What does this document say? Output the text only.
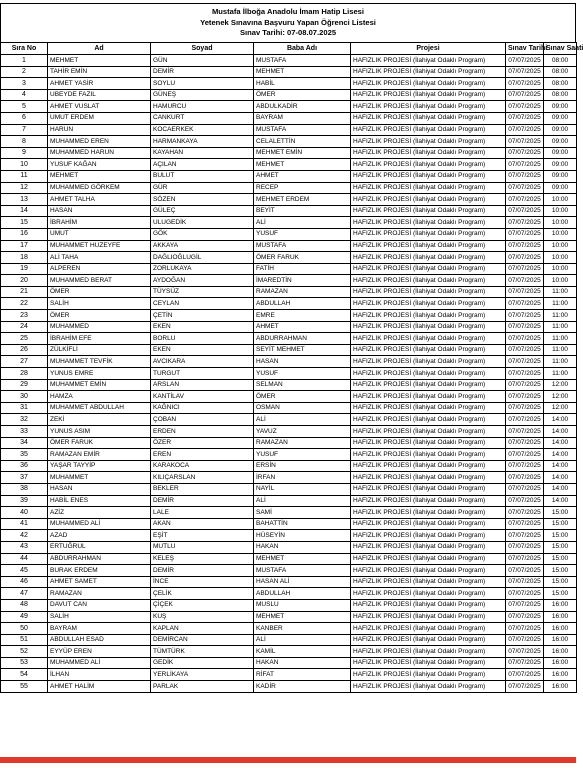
Mustafa İlboğa Anadolu İmam Hatip Lisesi
Yetenek Sınavına Başvuru Yapan Öğrenci Listesi
Sınav Tarihi: 07-08.07.2025
Sıra No	Ad	Soyad	Baba Adı	Projesi	Sınav Tarihi	Sınav Saati
1	MEHMET	GÜN	MUSTAFA	HAFIZLIK PROJESİ (İlahiyat Odaklı Program)	07/07/2025	08:00
2	TAHİR EMİN	DEMİR	MEHMET	HAFIZLIK PROJESİ (İlahiyat Odaklı Program)	07/07/2025	08:00
3	AHMET YASİR	SOYLU	HABİL	HAFIZLIK PROJESİ (İlahiyat Odaklı Program)	07/07/2025	08:00
4	UBEYDE FAZIL	GÜNEŞ	ÖMER	HAFIZLIK PROJESİ (İlahiyat Odaklı Program)	07/07/2025	08:00
5	AHMET VUSLAT	HAMURCU	ABDULKADİR	HAFIZLIK PROJESİ (İlahiyat Odaklı Program)	07/07/2025	09:00
6	UMUT ERDEM	CANKURT	BAYRAM	HAFIZLIK PROJESİ (İlahiyat Odaklı Program)	07/07/2025	09:00
7	HARUN	KOCAERKEK	MUSTAFA	HAFIZLIK PROJESİ (İlahiyat Odaklı Program)	07/07/2025	09:00
8	MUHAMMED EREN	HARMANKAYA	CELALETTİN	HAFIZLIK PROJESİ (İlahiyat Odaklı Program)	07/07/2025	09:00
9	MUHAMMED HARUN	KAYAHAN	MEHMET EMİN	HAFIZLIK PROJESİ (İlahiyat Odaklı Program)	07/07/2025	09:00
10	YUSUF KAĞAN	AÇILAN	MEHMET	HAFIZLIK PROJESİ (İlahiyat Odaklı Program)	07/07/2025	09:00
11	MEHMET	BULUT	AHMET	HAFIZLIK PROJESİ (İlahiyat Odaklı Program)	07/07/2025	09:00
12	MUHAMMED GÖRKEM	GÜR	RECEP	HAFIZLIK PROJESİ (İlahiyat Odaklı Program)	07/07/2025	09:00
13	AHMET TALHA	SÖZEN	MEHMET ERDEM	HAFIZLIK PROJESİ (İlahiyat Odaklı Program)	07/07/2025	10:00
14	HASAN	GÜLEÇ	BEYİT	HAFIZLIK PROJESİ (İlahiyat Odaklı Program)	07/07/2025	10:00
15	İBRAHİM	ULUGEDİK	ALİ	HAFIZLIK PROJESİ (İlahiyat Odaklı Program)	07/07/2025	10:00
16	UMUT	GÖK	YUSUF	HAFIZLIK PROJESİ (İlahiyat Odaklı Program)	07/07/2025	10:00
17	MUHAMMET HUZEYFE	AKKAYA	MUSTAFA	HAFIZLIK PROJESİ (İlahiyat Odaklı Program)	07/07/2025	10:00
18	ALİ TAHA	DAĞLIOĞLUGİL	ÖMER FARUK	HAFIZLIK PROJESİ (İlahiyat Odaklı Program)	07/07/2025	10:00
19	ALPEREN	ZORLUKAYA	FATİH	HAFIZLIK PROJESİ (İlahiyat Odaklı Program)	07/07/2025	10:00
20	MUHAMMED BERAT	AYDOĞAN	İMAREDTİN	HAFIZLIK PROJESİ (İlahiyat Odaklı Program)	07/07/2025	10:00
21	ÖMER	TÜYSÜZ	RAMAZAN	HAFIZLIK PROJESİ (İlahiyat Odaklı Program)	07/07/2025	11:00
22	SALİH	CEYLAN	ABDULLAH	HAFIZLIK PROJESİ (İlahiyat Odaklı Program)	07/07/2025	11:00
23	ÖMER	ÇETİN	EMRE	HAFIZLIK PROJESİ (İlahiyat Odaklı Program)	07/07/2025	11:00
24	MUHAMMED	EKEN	AHMET	HAFIZLIK PROJESİ (İlahiyat Odaklı Program)	07/07/2025	11:00
25	İBRAHİM EFE	BORLU	ABDURRAHMAN	HAFIZLIK PROJESİ (İlahiyat Odaklı Program)	07/07/2025	11:00
26	ZÜLKİFLİ	EKEN	SEYİT MEHMET	HAFIZLIK PROJESİ (İlahiyat Odaklı Program)	07/07/2025	11:00
27	MUHAMMET TEVFİK	AVCIKARA	HASAN	HAFIZLIK PROJESİ (İlahiyat Odaklı Program)	07/07/2025	11:00
28	YUNUS EMRE	TURGUT	YUSUF	HAFIZLIK PROJESİ (İlahiyat Odaklı Program)	07/07/2025	11:00
29	MUHAMMET EMİN	ARSLAN	SELMAN	HAFIZLIK PROJESİ (İlahiyat Odaklı Program)	07/07/2025	12:00
30	HAMZA	KANTİLAV	ÖMER	HAFIZLIK PROJESİ (İlahiyat Odaklı Program)	07/07/2025	12:00
31	MUHAMMET ABDULLAH	KAĞNICI	OSMAN	HAFIZLIK PROJESİ (İlahiyat Odaklı Program)	07/07/2025	12:00
32	ZEKİ	ÇOBAN	ALİ	HAFIZLIK PROJESİ (İlahiyat Odaklı Program)	07/07/2025	14:00
33	YUNUS ASIM	ERDEN	YAVUZ	HAFIZLIK PROJESİ (İlahiyat Odaklı Program)	07/07/2025	14:00
34	ÖMER FARUK	ÖZER	RAMAZAN	HAFIZLIK PROJESİ (İlahiyat Odaklı Program)	07/07/2025	14:00
35	RAMAZAN EMİR	EREN	YUSUF	HAFIZLIK PROJESİ (İlahiyat Odaklı Program)	07/07/2025	14:00
36	YAŞAR TAYYİP	KARAKOCA	ERSİN	HAFIZLIK PROJESİ (İlahiyat Odaklı Program)	07/07/2025	14:00
37	MUHAMMET	KILIÇARSLAN	İRFAN	HAFIZLIK PROJESİ (İlahiyat Odaklı Program)	07/07/2025	14:00
38	HASAN	BEKLER	NAYİL	HAFIZLIK PROJESİ (İlahiyat Odaklı Program)	07/07/2025	14:00
39	HABİL ENES	DEMİR	ALİ	HAFIZLIK PROJESİ (İlahiyat Odaklı Program)	07/07/2025	14:00
40	AZİZ	LALE	SAMİ	HAFIZLIK PROJESİ (İlahiyat Odaklı Program)	07/07/2025	15:00
41	MUHAMMED ALİ	AKAN	BAHATTİN	HAFIZLIK PROJESİ (İlahiyat Odaklı Program)	07/07/2025	15:00
42	AZAD	EŞİT	HÜSEYİN	HAFIZLIK PROJESİ (İlahiyat Odaklı Program)	07/07/2025	15:00
43	ERTUĞRUL	MUTLU	HAKAN	HAFIZLIK PROJESİ (İlahiyat Odaklı Program)	07/07/2025	15:00
44	ABDURRAHMAN	KELEŞ	MEHMET	HAFIZLIK PROJESİ (İlahiyat Odaklı Program)	07/07/2025	15:00
45	BURAK ERDEM	DEMİR	MUSTAFA	HAFIZLIK PROJESİ (İlahiyat Odaklı Program)	07/07/2025	15:00
46	AHMET SAMET	İNCE	HASAN ALİ	HAFIZLIK PROJESİ (İlahiyat Odaklı Program)	07/07/2025	15:00
47	RAMAZAN	ÇELİK	ABDULLAH	HAFIZLIK PROJESİ (İlahiyat Odaklı Program)	07/07/2025	15:00
48	DAVUT CAN	ÇİÇEK	MUSLU	HAFIZLIK PROJESİ (İlahiyat Odaklı Program)	07/07/2025	16:00
49	SALİH	KUŞ	MEHMET	HAFIZLIK PROJESİ (İlahiyat Odaklı Program)	07/07/2025	16:00
50	BAYRAM	KAPLAN	KANBER	HAFIZLIK PROJESİ (İlahiyat Odaklı Program)	07/07/2025	16:00
51	ABDULLAH ESAD	DEMİRCAN	ALİ	HAFIZLIK PROJESİ (İlahiyat Odaklı Program)	07/07/2025	16:00
52	EYYÜP EREN	TÜMTÜRK	KAMİL	HAFIZLIK PROJESİ (İlahiyat Odaklı Program)	07/07/2025	16:00
53	MUHAMMED ALİ	GEDİK	HAKAN	HAFIZLIK PROJESİ (İlahiyat Odaklı Program)	07/07/2025	16:00
54	İLHAN	YERLİKAYA	RİFAT	HAFIZLIK PROJESİ (İlahiyat Odaklı Program)	07/07/2025	16:00
55	AHMET HALİM	PARLAK	KADİR	HAFIZLIK PROJESİ (İlahiyat Odaklı Program)	07/07/2025	16:00
